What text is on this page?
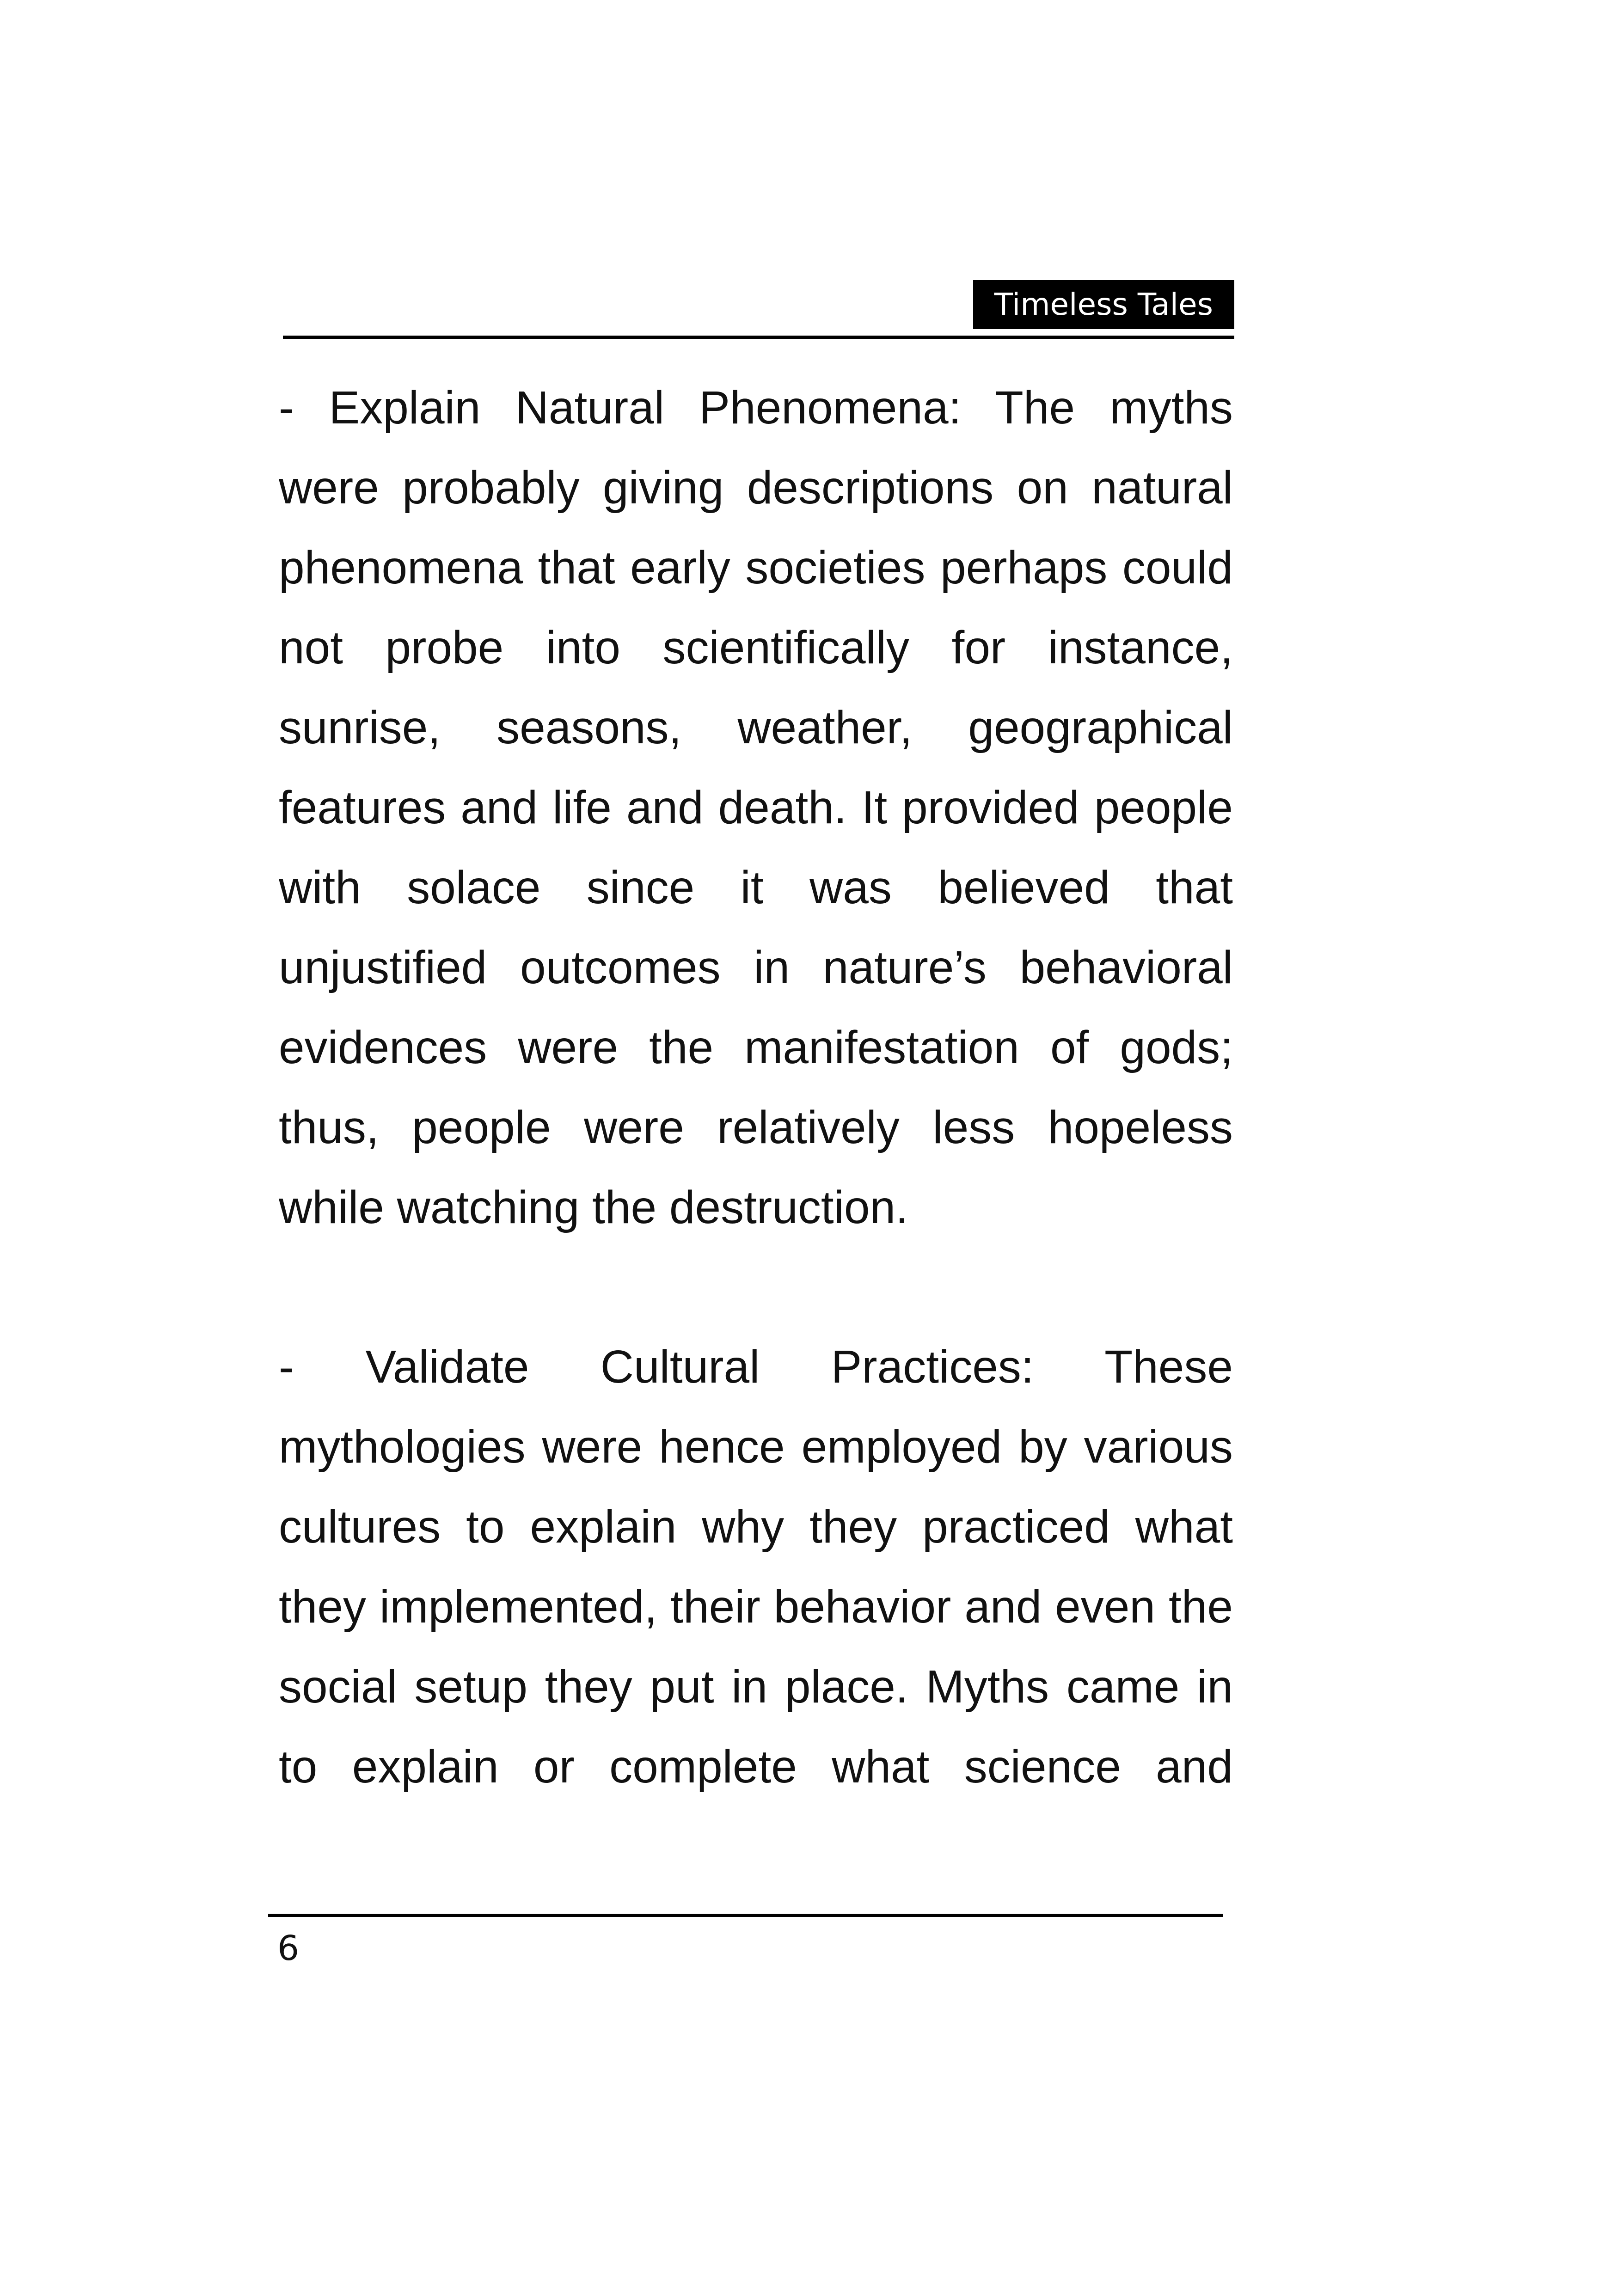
Timeless Tales

- Explain Natural Phenomena: The myths were probably giving descriptions on natural phenomena that early societies perhaps could not probe into scientifically for instance, sunrise, seasons, weather, geographical features and life and death. It provided people with solace since it was believed that unjustified outcomes in nature’s behavioral evidences were the manifestation of gods; thus, people were relatively less hopeless while watching the destruction.

- Validate Cultural Practices: These mythologies were hence employed by various cultures to explain why they practiced what they implemented, their behavior and even the social setup they put in place. Myths came in to explain or complete what science and

6
